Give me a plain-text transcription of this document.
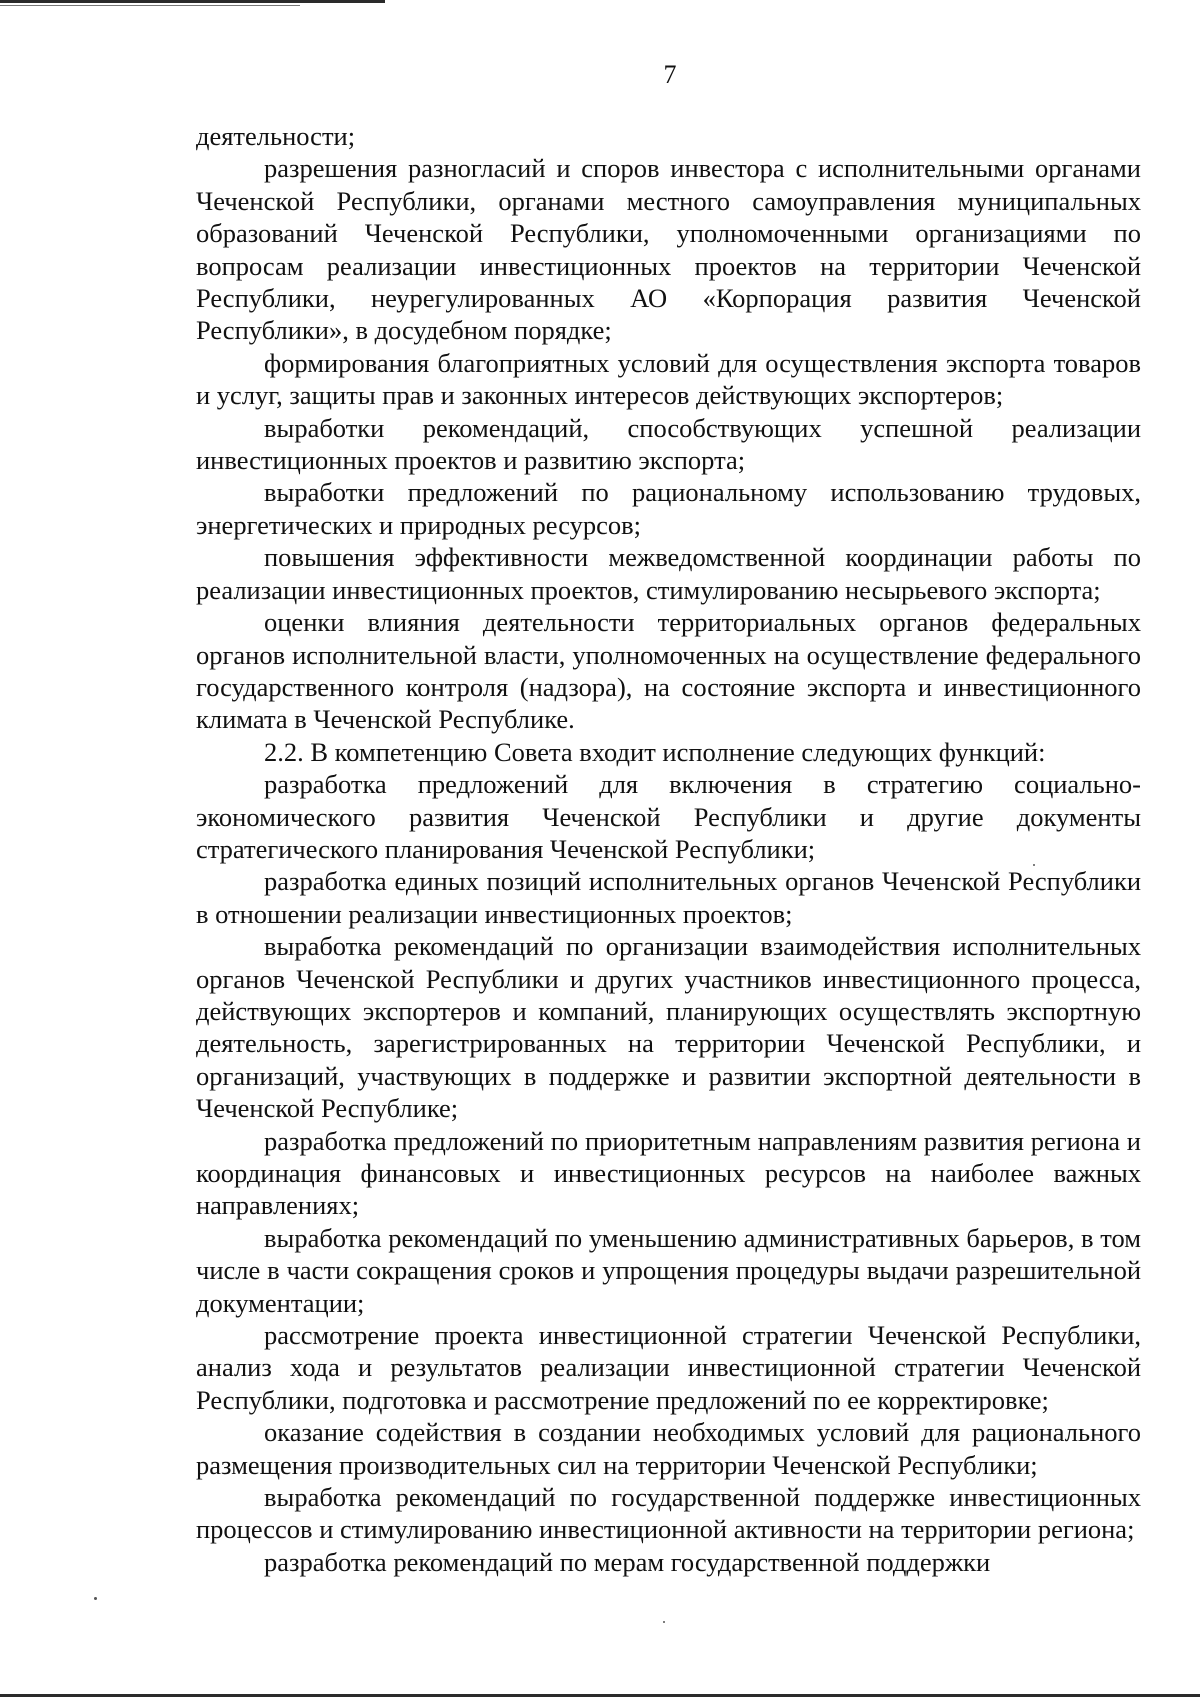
7

деятельности;

разрешения разногласий и споров инвестора с исполнительными органами Чеченской Республики, органами местного самоуправления муниципальных образований Чеченской Республики, уполномоченными организациями по вопросам реализации инвестиционных проектов на территории Чеченской Республики, неурегулированных АО «Корпорация развития Чеченской Республики», в досудебном порядке;

формирования благоприятных условий для осуществления экспорта товаров и услуг, защиты прав и законных интересов действующих экспортеров;

выработки рекомендаций, способствующих успешной реализации инвестиционных проектов и развитию экспорта;

выработки предложений по рациональному использованию трудовых, энергетических и природных ресурсов;

повышения эффективности межведомственной координации работы по реализации инвестиционных проектов, стимулированию несырьевого экспорта;

оценки влияния деятельности территориальных органов федеральных органов исполнительной власти, уполномоченных на осуществление федерального государственного контроля (надзора), на состояние экспорта и инвестиционного климата в Чеченской Республике.

2.2. В компетенцию Совета входит исполнение следующих функций:

разработка предложений для включения в стратегию социально-экономического развития Чеченской Республики и другие документы стратегического планирования Чеченской Республики;

разработка единых позиций исполнительных органов Чеченской Республики в отношении реализации инвестиционных проектов;

выработка рекомендаций по организации взаимодействия исполнительных органов Чеченской Республики и других участников инвестиционного процесса, действующих экспортеров и компаний, планирующих осуществлять экспортную деятельность, зарегистрированных на территории Чеченской Республики, и организаций, участвующих в поддержке и развитии экспортной деятельности в Чеченской Республике;

разработка предложений по приоритетным направлениям развития региона и координация финансовых и инвестиционных ресурсов на наиболее важных направлениях;

выработка рекомендаций по уменьшению административных барьеров, в том числе в части сокращения сроков и упрощения процедуры выдачи разрешительной документации;

рассмотрение проекта инвестиционной стратегии Чеченской Республики, анализ хода и результатов реализации инвестиционной стратегии Чеченской Республики, подготовка и рассмотрение предложений по ее корректировке;

оказание содействия в создании необходимых условий для рационального размещения производительных сил на территории Чеченской Республики;

выработка рекомендаций по государственной поддержке инвестиционных процессов и стимулированию инвестиционной активности на территории региона;

разработка рекомендаций по мерам государственной поддержки
